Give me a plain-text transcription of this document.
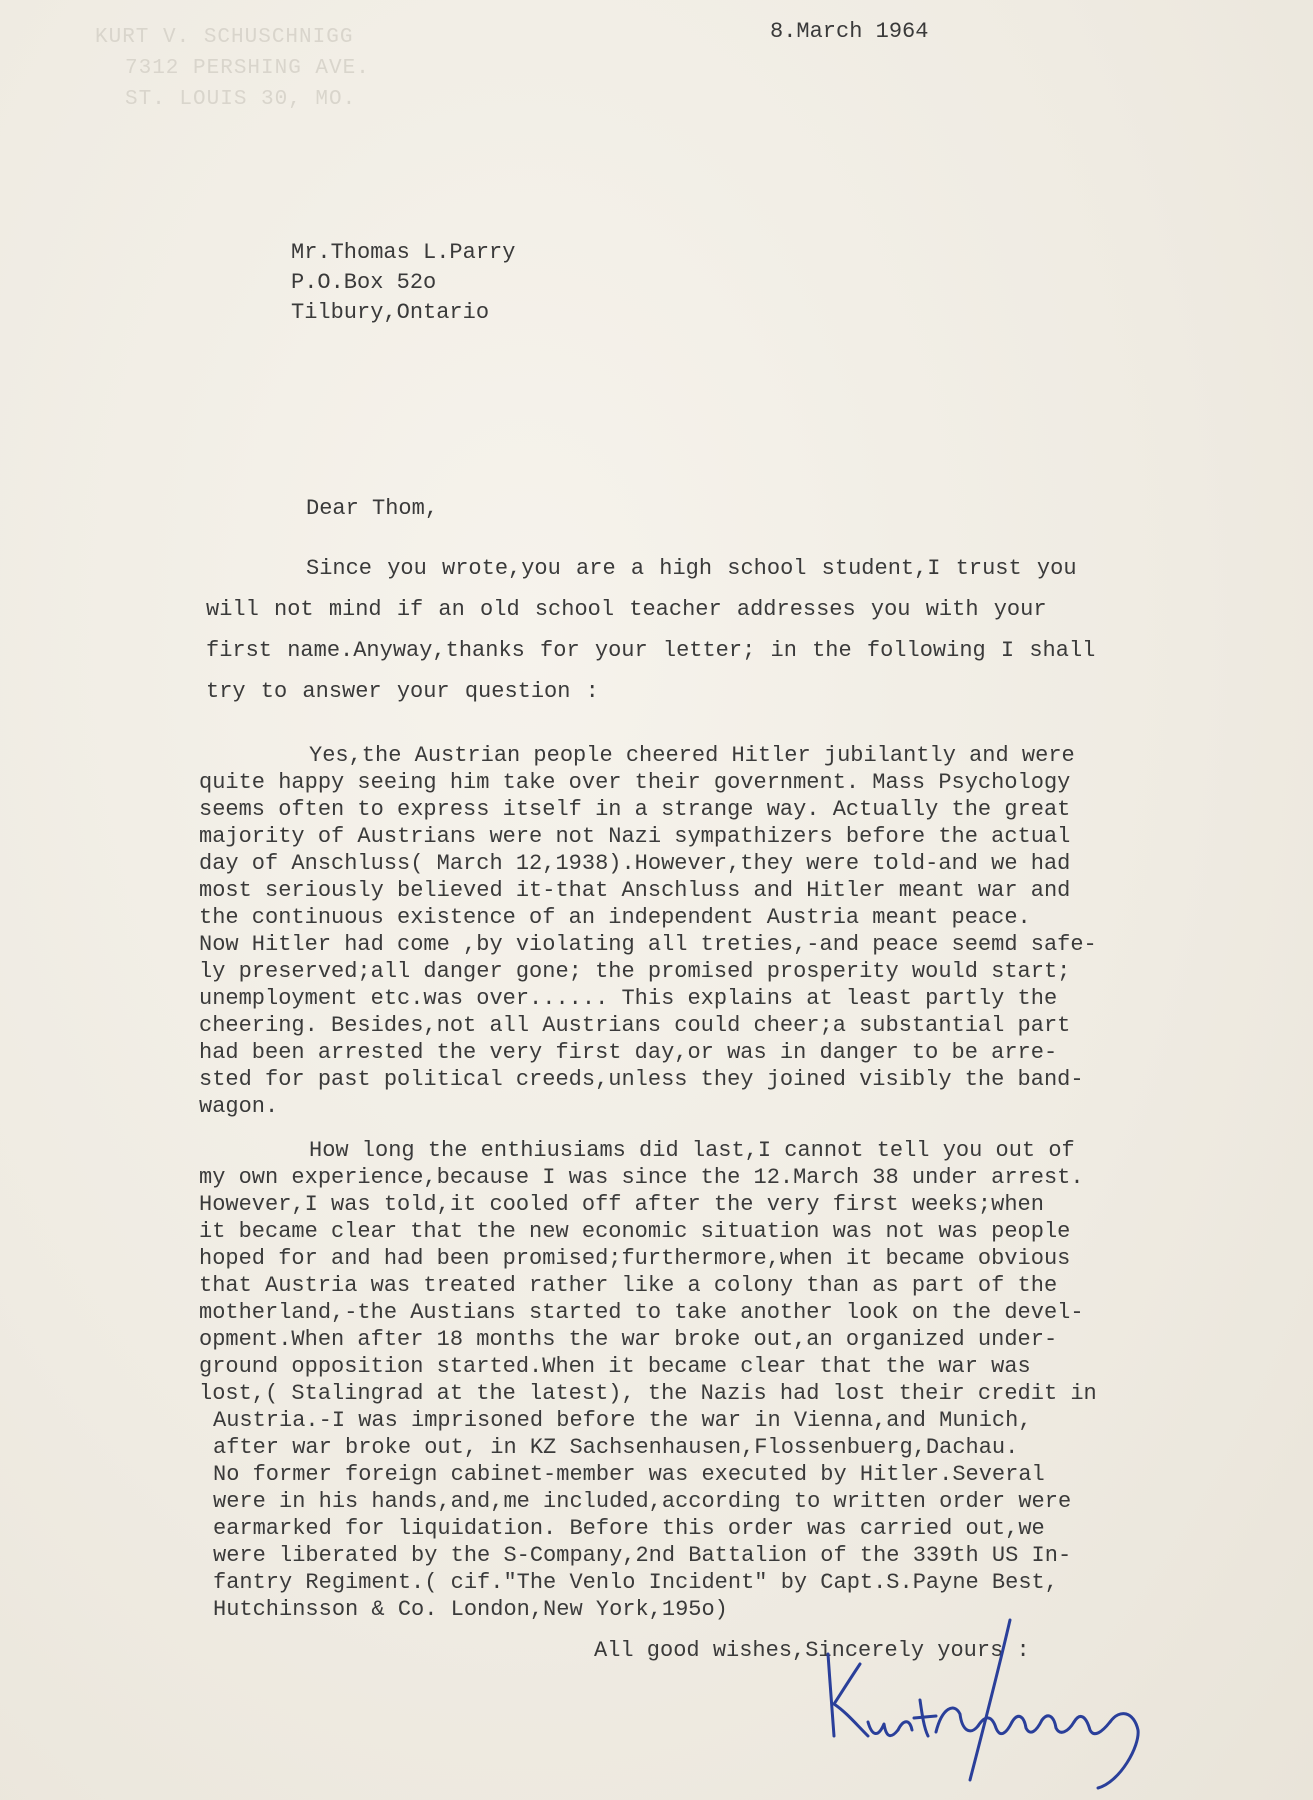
KURT V. SCHUSCHNIGG
7312 PERSHING AVE.
ST. LOUIS 30, MO.
8.March 1964
Mr.Thomas L.Parry
P.O.Box 52o
Tilbury,Ontario
Dear Thom,
Since you wrote,you are a high school student,I trust you
will not mind if an old school teacher addresses you with your
first name.Anyway,thanks for your letter; in the following I shall
try to answer your question :
Yes,the Austrian people cheered Hitler jubilantly and were
quite happy seeing him take over their government. Mass Psychology
seems often to express itself in a strange way. Actually the great
majority of Austrians were not Nazi sympathizers before the actual
day of Anschluss( March 12,1938).However,they were told-and we had
most seriously believed it-that Anschluss and Hitler meant war and
the continuous existence of an independent Austria meant peace.
Now Hitler had come ,by violating all treties,-and peace seemd safe-
ly preserved;all danger gone; the promised prosperity would start;
unemployment etc.was over...... This explains at least partly the
cheering. Besides,not all Austrians could cheer;a substantial part
had been arrested the very first day,or was in danger to be arre-
sted for past political creeds,unless they joined visibly the band-
wagon.
How long the enthiusiams did last,I cannot tell you out of
my own experience,because I was since the 12.March 38 under arrest.
However,I was told,it cooled off after the very first weeks;when
it became clear that the new economic situation was not was people
hoped for and had been promised;furthermore,when it became obvious
that Austria was treated rather like a colony than as part of the
motherland,-the Austians started to take another look on the devel-
opment.When after 18 months the war broke out,an organized under-
ground opposition started.When it became clear that the war was
lost,( Stalingrad at the latest), the Nazis had lost their credit in
Austria.-I was imprisoned before the war in Vienna,and Munich,
after war broke out, in KZ Sachsenhausen,Flossenbuerg,Dachau.
No former foreign cabinet-member was executed by Hitler.Several
were in his hands,and,me included,according to written order were
earmarked for liquidation. Before this order was carried out,we
were liberated by the S-Company,2nd Battalion of the 339th US In-
fantry Regiment.( cif."The Venlo Incident" by Capt.S.Payne Best,
Hutchinsson & Co. London,New York,195o)
All good wishes,Sincerely yours :
